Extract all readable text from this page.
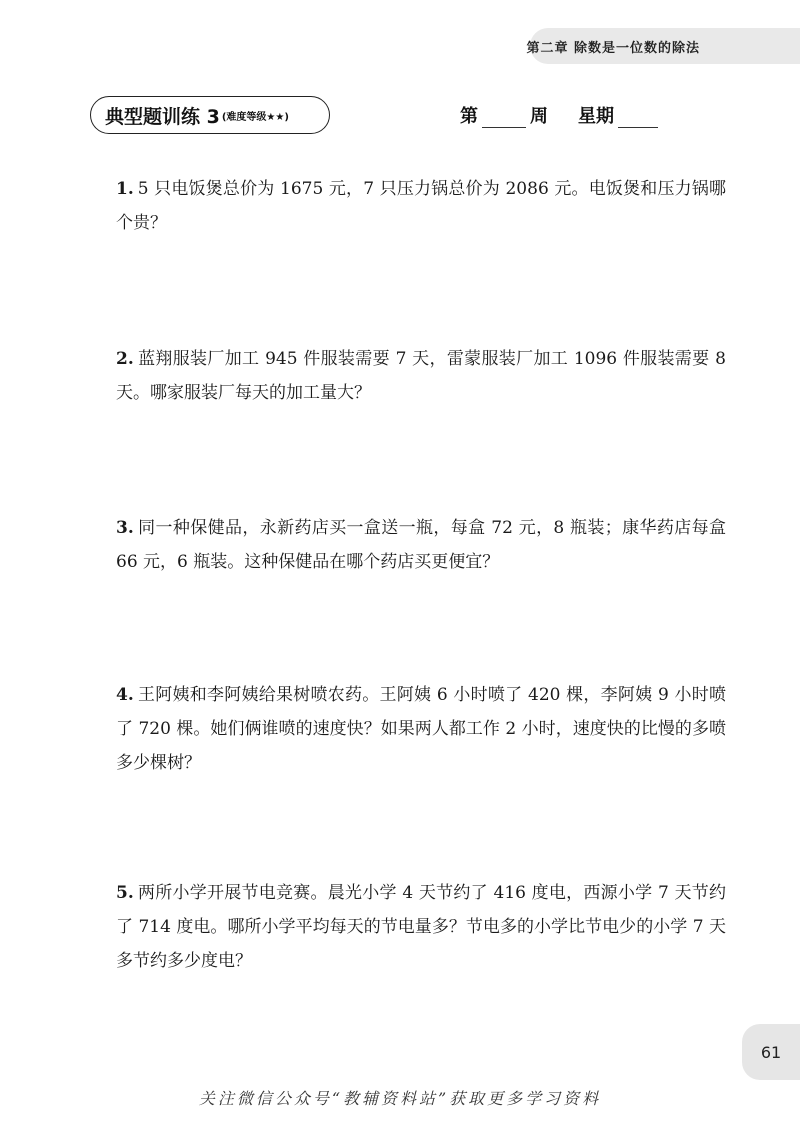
第二章 除数是一位数的除法
典型题训练 3 (难度等级★★)	第	周 星期
1. 5 只电饭煲总价为 1675 元，7 只压力锅总价为 2086 元。电饭煲和压力锅哪个贵？
2. 蓝翔服装厂加工 945 件服装需要 7 天，雷蒙服装厂加工 1096 件服装需要 8 天。哪家服装厂每天的加工量大？
3. 同一种保健品，永新药店买一盒送一瓶，每盒 72 元，8 瓶装；康华药店每盒 66 元，6 瓶装。这种保健品在哪个药店买更便宜？
4. 王阿姨和李阿姨给果树喷农药。王阿姨 6 小时喷了 420 棵，李阿姨 9 小时喷了 720 棵。她们俩谁喷的速度快？如果两人都工作 2 小时，速度快的比慢的多喷多少棵树？
5. 两所小学开展节电竞赛。晨光小学 4 天节约了 416 度电，西源小学 7 天节约了 714 度电。哪所小学平均每天的节电量多？节电多的小学比节电少的小学 7 天多节约多少度电？
61
关注微信公众号“教辅资料站”获取更多学习资料
